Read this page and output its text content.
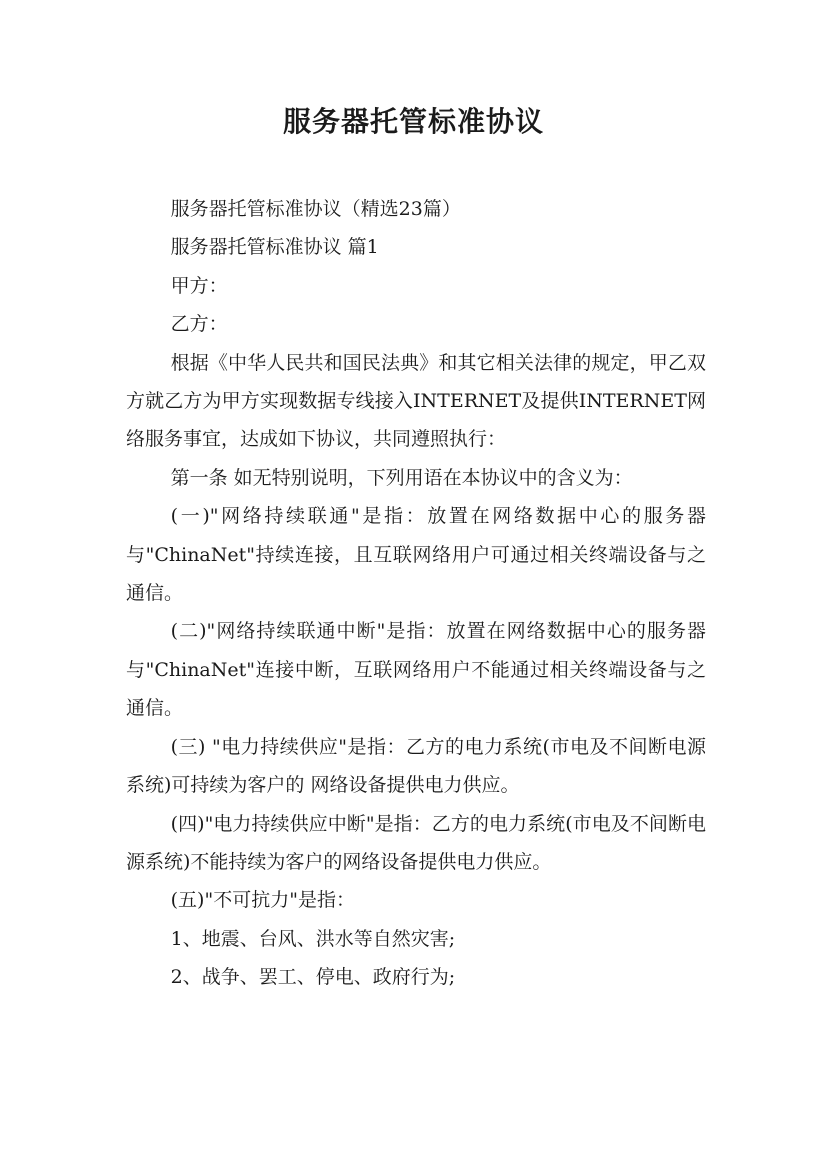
服务器托管标准协议

服务器托管标准协议（精选23篇）

服务器托管标准协议 篇1

甲方：

乙方：

根据《中华人民共和国民法典》和其它相关法律的规定，甲乙双方就乙方为甲方实现数据专线接入INTERNET及提供INTERNET网络服务事宜，达成如下协议，共同遵照执行：

第一条 如无特别说明，下列用语在本协议中的含义为：

(一)"网络持续联通"是指：放置在网络数据中心的服务器与"ChinaNet"持续连接，且互联网络用户可通过相关终端设备与之通信。

(二)"网络持续联通中断"是指：放置在网络数据中心的服务器与"ChinaNet"连接中断，互联网络用户不能通过相关终端设备与之通信。

(三) "电力持续供应"是指：乙方的电力系统(市电及不间断电源系统)可持续为客户的 网络设备提供电力供应。

(四)"电力持续供应中断"是指：乙方的电力系统(市电及不间断电源系统)不能持续为客户的网络设备提供电力供应。

(五)"不可抗力"是指：

1、地震、台风、洪水等自然灾害;

2、战争、罢工、停电、政府行为;
